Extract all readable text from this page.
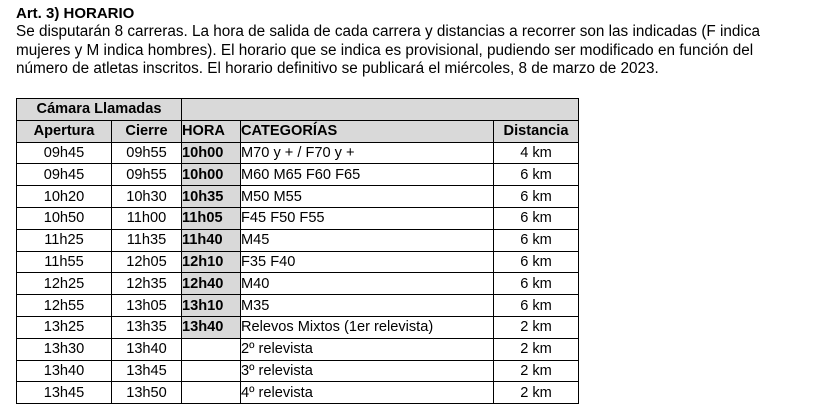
Art. 3) HORARIO
Se disputarán 8 carreras. La hora de salida de cada carrera y distancias a recorrer son las indicadas (F indica
mujeres y M indica hombres). El horario que se indica es provisional, pudiendo ser modificado en función del
número de atletas inscritos. El horario definitivo se publicará el miércoles, 8 de marzo de 2023.
Cámara Llamadas				
Apertura	Cierre	HORA	CATEGORÍAS	Distancia
09h45	09h55	10h00	M70 y + / F70 y +	4 km
09h45	09h55	10h00	M60 M65 F60 F65	6 km
10h20	10h30	10h35	M50 M55	6 km
10h50	11h00	11h05	F45 F50 F55	6 km
11h25	11h35	11h40	M45	6 km
11h55	12h05	12h10	F35 F40	6 km
12h25	12h35	12h40	M40	6 km
12h55	13h05	13h10	M35	6 km
13h25	13h35	13h40	Relevos Mixtos (1er relevista)	2 km
13h30	13h40		2º relevista	2 km
13h40	13h45		3º relevista	2 km
13h45	13h50		4º relevista	2 km
